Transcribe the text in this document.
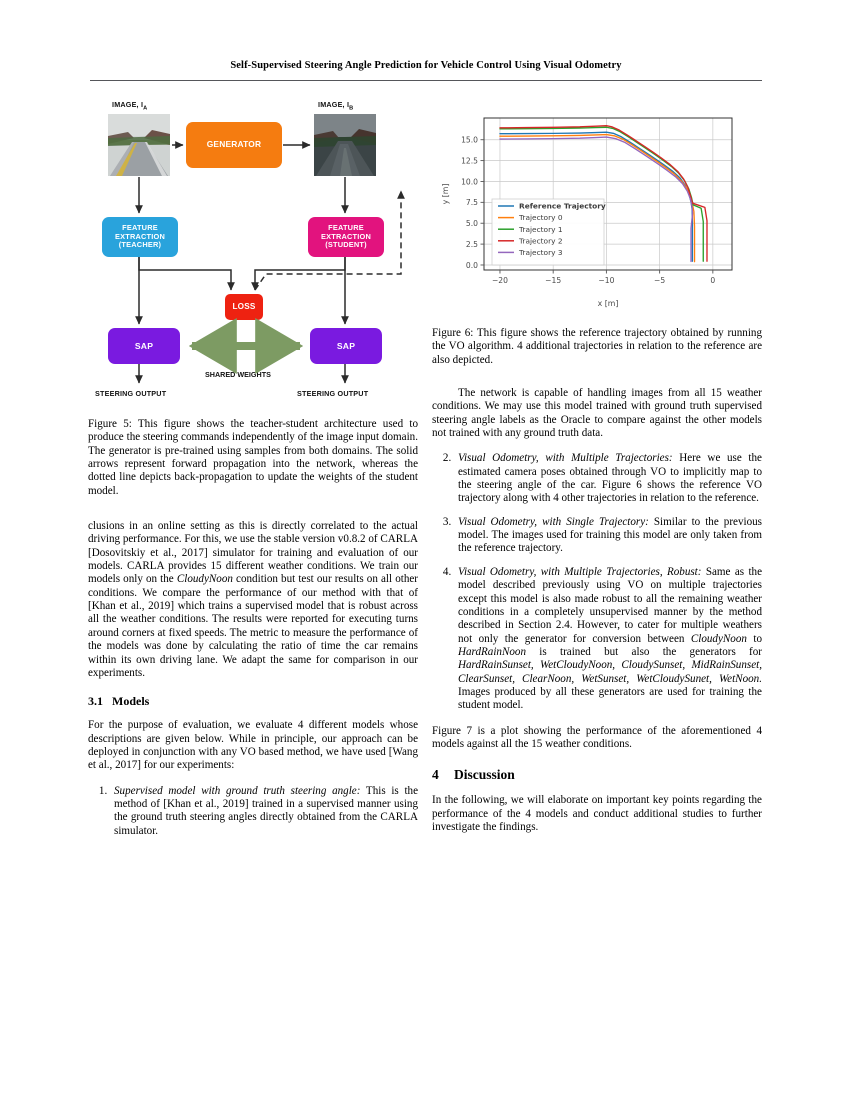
Self-Supervised Steering Angle Prediction for Vehicle Control Using Visual Odometry
IMAGE, $I_A$	IMAGE, $I_B$
GENERATOR
FEATURE EXTRACTION (TEACHER)
FEATURE EXTRACTION (STUDENT)
LOSS
SAP	SAP
SHARED WEIGHTS
STEERING OUTPUT	STEERING OUTPUT

Figure 5: This figure shows the teacher-student architecture used to produce the steering commands independently of the image input domain. The generator is pre-trained using samples from both domains. The solid arrows represent forward propagation into the network, whereas the dotted line depicts back-propagation to update the weights of the student model.

clusions in an online setting as this is directly correlated to the actual driving performance. For this, we use the stable version v0.8.2 of CARLA [Dosovitskiy et al., 2017] simulator for training and evaluation of our models. CARLA provides 15 different weather conditions. We train our models only on the CloudyNoon condition but test our results on all other conditions. We compare the performance of our method with that of [Khan et al., 2019] which trains a supervised model that is robust across all the weather conditions. The results were reported for executing turns around corners at fixed speeds. The metric to measure the performance of the models was done by calculating the ratio of time the car remains within its own driving lane. We adapt the same for comparison in our experiments.

3.1 Models

For the purpose of evaluation, we evaluate 4 different models whose descriptions are given below. While in principle, our approach can be deployed in conjunction with any VO based method, we have used [Wang et al., 2017] for our experiments:

1. Supervised model with ground truth steering angle: This is the method of [Khan et al., 2019] trained in a supervised manner using the ground truth steering angles directly obtained from the CARLA simulator.
−20	−15	−10	−5	0
0.0
2.5
5.0
7.5
10.0
12.5
15.0
Reference Trajectory
Trajectory 0
Trajectory 1
Trajectory 2
Trajectory 3
x [m]
y [m]

Figure 6: This figure shows the reference trajectory obtained by running the VO algorithm. 4 additional trajectories in relation to the reference are also depicted.

The network is capable of handling images from all 15 weather conditions. We may use this model trained with ground truth supervised steering angle labels as the Oracle to compare against the other models not trained with any ground truth data.

2. Visual Odometry, with Multiple Trajectories: Here we use the estimated camera poses obtained through VO to implicitly map to the steering angle of the car. Figure 6 shows the reference VO trajectory along with 4 other trajectories in relation to the reference.
3. Visual Odometry, with Single Trajectory: Similar to the previous model. The images used for training this model are only taken from the reference trajectory.
4. Visual Odometry, with Multiple Trajectories, Robust: Same as the model described previously using VO on multiple trajectories except this model is also made robust to all the remaining weather conditions in a completely unsupervised manner by the method described in Section 2.4. However, to cater for multiple weathers not only the generator for conversion between CloudyNoon to HardRainNoon is trained but also the generators for HardRainSunset, WetCloudyNoon, CloudySunset, MidRainSunset, ClearSunset, ClearNoon, WetSunset, WetCloudySunet, WetNoon. Images produced by all these generators are used for training the student model.

Figure 7 is a plot showing the performance of the aforementioned 4 models against all the 15 weather conditions.

4 Discussion

In the following, we will elaborate on important key points regarding the performance of the 4 models and conduct additional studies to further investigate the findings.
